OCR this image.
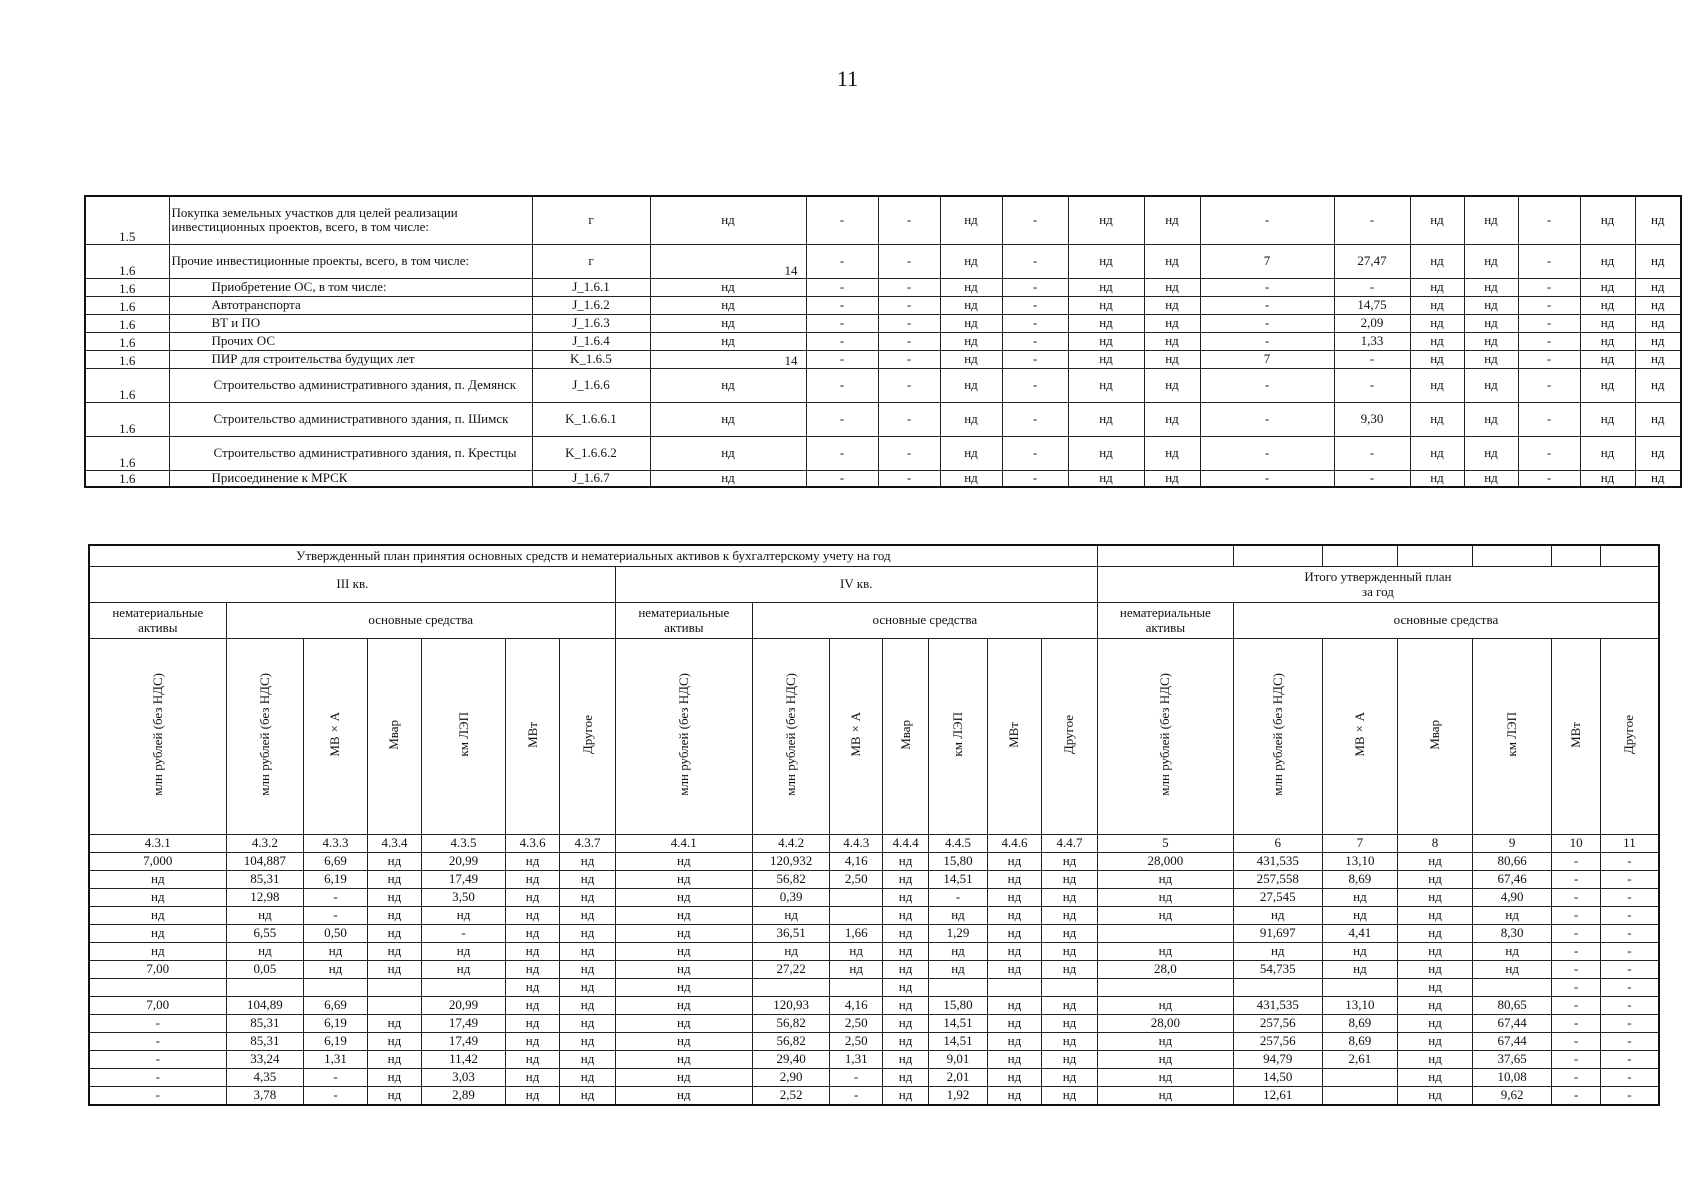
11
1.5	Покупка земельных участков для целей реализации инвестиционных проектов, всего, в том числе:	г	нд	-	-	нд	-	нд	нд	-	-	нд	нд	-	нд	нд
1.6	Прочие инвестиционные проекты, всего, в том числе:	г	14	-	-	нд	-	нд	нд	7	27,47	нд	нд	-	нд	нд
1.6	Приобретение ОС, в том числе:	J_1.6.1	нд	-	-	нд	-	нд	нд	-	-	нд	нд	-	нд	нд
1.6	Автотранспорта	J_1.6.2	нд	-	-	нд	-	нд	нд	-	14,75	нд	нд	-	нд	нд
1.6	ВТ и ПО	J_1.6.3	нд	-	-	нд	-	нд	нд	-	2,09	нд	нд	-	нд	нд
1.6	Прочих ОС	J_1.6.4	нд	-	-	нд	-	нд	нд	-	1,33	нд	нд	-	нд	нд
1.6	ПИР для строительства будущих лет	K_1.6.5	14	-	-	нд	-	нд	нд	7	-	нд	нд	-	нд	нд
1.6	Строительство административного здания, п. Демянск	J_1.6.6	нд	-	-	нд	-	нд	нд	-	-	нд	нд	-	нд	нд
1.6	Строительство административного здания, п. Шимск	K_1.6.6.1	нд	-	-	нд	-	нд	нд	-	9,30	нд	нд	-	нд	нд
1.6	Строительство административного здания, п. Крестцы	K_1.6.6.2	нд	-	-	нд	-	нд	нд	-	-	нд	нд	-	нд	нд
1.6	Присоединение к МРСК	J_1.6.7	нд	-	-	нд	-	нд	нд	-	-	нд	нд	-	нд	нд
Утвержденный план принятия основных средств и нематериальных активов к бухгалтерскому учету на год																				
III кв.							IV кв.							Итого утвержденный план
за год						

нематериальные активы	основные средства						нематериальные активы	основные средства						нематериальные активы	основные средства					
млн рублей (без НДС)	млн рублей (без НДС)	МВ×А	Мвар	км ЛЭП	МВт	Другое	млн рублей (без НДС)	млн рублей (без НДС)	МВ×А	Мвар	км ЛЭП	МВт	Другое	млн рублей (без НДС)	млн рублей (без НДС)	МВ×А	Мвар	км ЛЭП	МВт	Другое
4.3.1	4.3.2	4.3.3	4.3.4	4.3.5	4.3.6	4.3.7	4.4.1	4.4.2	4.4.3	4.4.4	4.4.5	4.4.6	4.4.7	5	6	7	8	9	10	11
7,000	104,887	6,69	нд	20,99	нд	нд	нд	120,932	4,16	нд	15,80	нд	нд	28,000	431,535	13,10	нд	80,66	-	-
нд	85,31	6,19	нд	17,49	нд	нд	нд	56,82	2,50	нд	14,51	нд	нд	нд	257,558	8,69	нд	67,46	-	-
нд	12,98	-	нд	3,50	нд	нд	нд	0,39		нд	-	нд	нд	нд	27,545	нд	нд	4,90	-	-
нд	нд	-	нд	нд	нд	нд	нд	нд		нд	нд	нд	нд	нд	нд	нд	нд	нд	-	-
нд	6,55	0,50	нд	-	нд	нд	нд	36,51	1,66	нд	1,29	нд	нд		91,697	4,41	нд	8,30	-	-
нд	нд	нд	нд	нд	нд	нд	нд	нд	нд	нд	нд	нд	нд	нд	нд	нд	нд	нд	-	-
7,00	0,05	нд	нд	нд	нд	нд	нд	27,22	нд	нд	нд	нд	нд	28,0	54,735	нд	нд	нд	-	-
					нд	нд	нд			нд							нд		-	-
7,00	104,89	6,69		20,99	нд	нд	нд	120,93	4,16	нд	15,80	нд	нд	нд	431,535	13,10	нд	80,65	-	-
-	85,31	6,19	нд	17,49	нд	нд	нд	56,82	2,50	нд	14,51	нд	нд	28,00	257,56	8,69	нд	67,44	-	-
-	85,31	6,19	нд	17,49	нд	нд	нд	56,82	2,50	нд	14,51	нд	нд	нд	257,56	8,69	нд	67,44	-	-
-	33,24	1,31	нд	11,42	нд	нд	нд	29,40	1,31	нд	9,01	нд	нд	нд	94,79	2,61	нд	37,65	-	-
-	4,35	-	нд	3,03	нд	нд	нд	2,90	-	нд	2,01	нд	нд	нд	14,50		нд	10,08	-	-
-	3,78	-	нд	2,89	нд	нд	нд	2,52	-	нд	1,92	нд	нд	нд	12,61		нд	9,62	-	-
